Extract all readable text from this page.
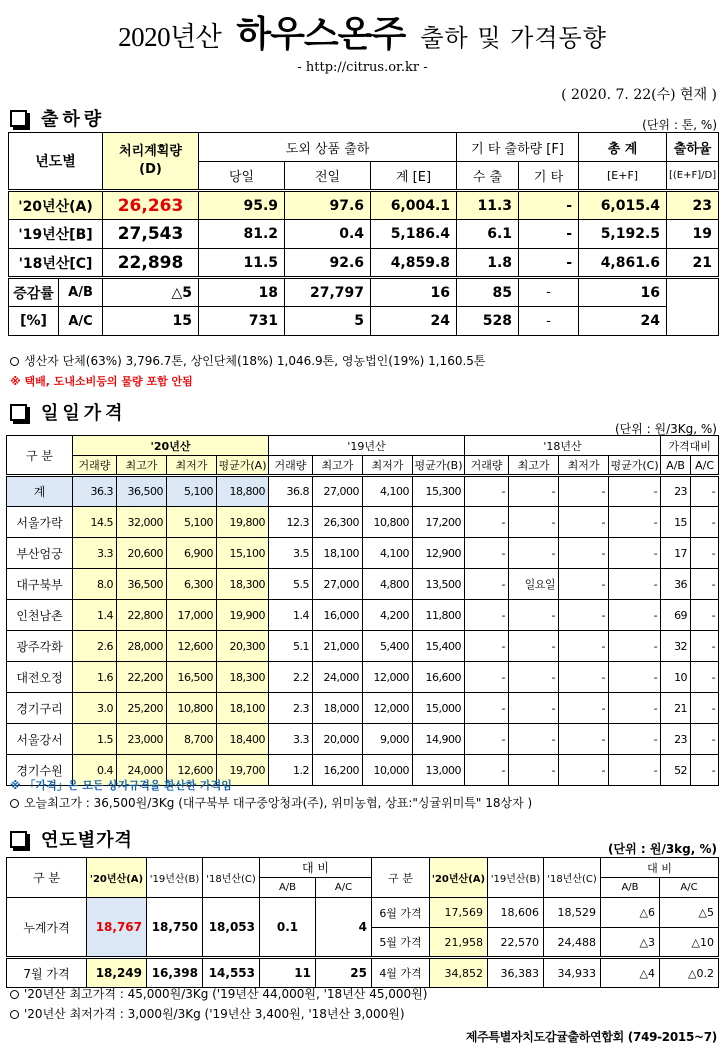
2020년산 하우스온주 출하 및 가격동향
- http://citrus.or.kr -
( 2020. 7. 22(수) 현재 )
출하량	(단위 : 톤, %)
년도별		처리계획량
(D)	도외 상품 출하			기 타 출하량 [F]		총 계	출하율
			당일	전일	계 [E]	수 출	기 타	[E+F]	[(E+F]/D]
'20년산(A)		26,263	95.9	97.6	6,004.1	11.3	-	6,015.4	23
'19년산[B]		27,543	81.2	0.4	5,186.4	6.1	-	5,192.5	19
'18년산[C]		22,898	11.5	92.6	4,859.8	1.8	-	4,861.6	21
증감률	A/B	△5	18	27,797	16	85	-	16	
[%]	A/C	15	731	5	24	528	-	24	
생산자 단체(63%) 3,796.7톤, 상인단체(18%) 1,046.9톤, 영농법인(19%) 1,160.5톤
※ 택배, 도내소비등의 물량 포함 안됨
일일가격
(단위 : 원/3Kg, %)
구 분	'20년산				'19년산				'18년산				가격대비	
	거래량	최고가	최저가	평균가(A)	거래량	최고가	최저가	평균가(B)	거래량	최고가	최저가	평균가(C)	A/B	A/C
계	36.3	36,500	5,100	18,800	36.8	27,000	4,100	15,300	-	-	-	-	23	-
서울가락	14.5	32,000	5,100	19,800	12.3	26,300	10,800	17,200	-	-	-	-	15	-
부산엄궁	3.3	20,600	6,900	15,100	3.5	18,100	4,100	12,900	-	-	-	-	17	-
대구북부	8.0	36,500	6,300	18,300	5.5	27,000	4,800	13,500	-	일요일	-	-	36	-
인천남촌	1.4	22,800	17,000	19,900	1.4	16,000	4,200	11,800	-	-	-	-	69	-
광주각화	2.6	28,000	12,600	20,300	5.1	21,000	5,400	15,400	-	-	-	-	32	-
대전오정	1.6	22,200	16,500	18,300	2.2	24,000	12,000	16,600	-	-	-	-	10	-
경기구리	3.0	25,200	10,800	18,100	2.3	18,000	12,000	15,000	-	-	-	-	21	-
서울강서	1.5	23,000	8,700	18,400	3.3	20,000	9,000	14,900	-	-	-	-	23	-
경기수원	0.4	24,000	12,600	19,700	1.2	16,200	10,000	13,000	-	-	-	-	52	-
※ 「가격」은 모든 상자규격을 환산한 가격임
오늘최고가 : 36,500원/3Kg (대구북부 대구중앙청과(주), 위미농협, 상표:"싱귤위미특" 18상자 )
연도별가격	(단위 : 원/3kg, %)
구 분	'20년산(A)	'19년산(B)	'18년산(C)	대 비	
				A/B	A/C
누계가격	18,767	18,750	18,053	0.1	4
7월 가격	18,249	16,398	14,553	11	25
구 분	'20년산(A)	'19년산(B)	'18년산(C)	대 비	
				A/B	A/C
6월 가격	17,569	18,606	18,529	△6	△5
5월 가격	21,958	22,570	24,488	△3	△10
4월 가격	34,852	36,383	34,933	△4	△0.2
'20년산 최고가격 : 45,000원/3Kg ('19년산 44,000원, '18년산 45,000원)
'20년산 최저가격 : 3,000원/3Kg ('19년산 3,400원, '18년산 3,000원)
제주특별자치도감귤출하연합회 (749-2015~7)
